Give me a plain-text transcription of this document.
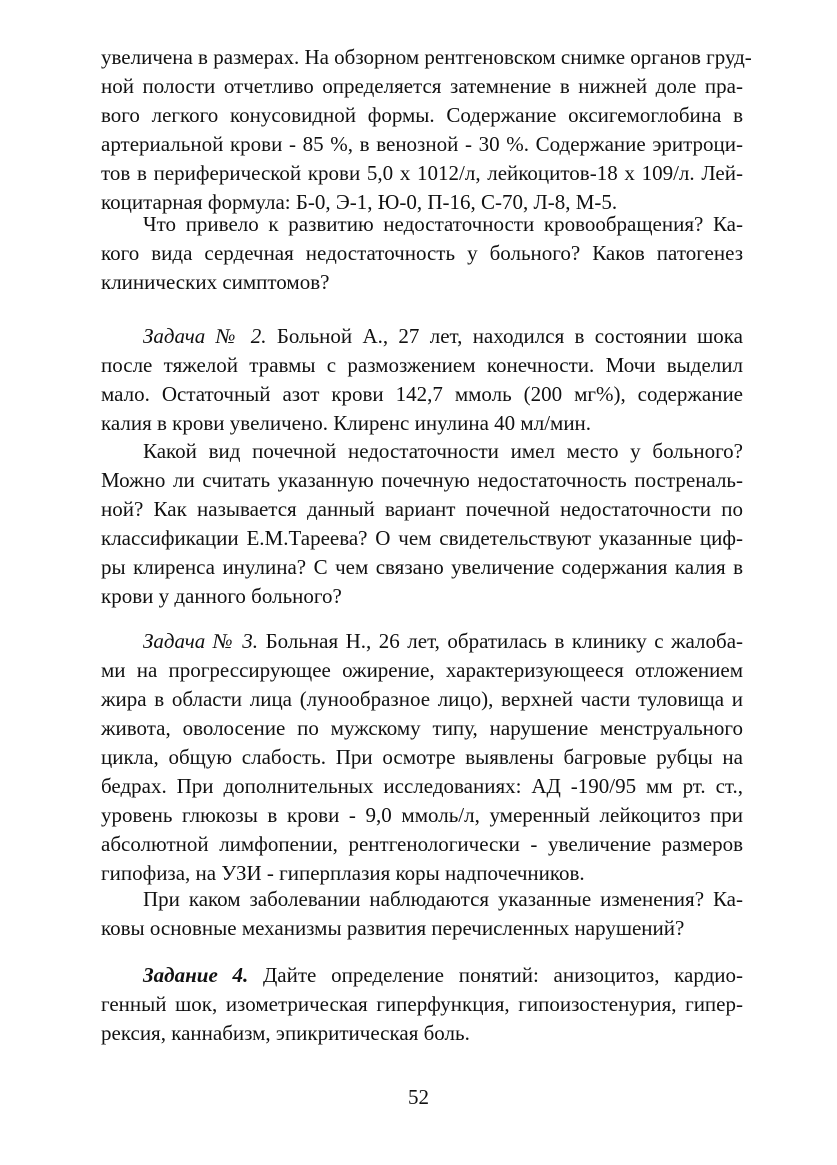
увеличена в размерах. На обзорном рентгеновском снимке органов груд-
ной полости отчетливо определяется затемнение в нижней доле пра-
вого легкого конусовидной формы. Содержание оксигемоглобина в
артериальной крови - 85 %, в венозной - 30 %. Содержание эритроци-
тов в периферической крови 5,0 х 1012/л, лейкоцитов-18 х 109/л. Лей-
коцитарная формула: Б-0, Э-1, Ю-0, П-16, С-70, Л-8, М-5.
Что привело к развитию недостаточности кровообращения? Ка-
кого вида сердечная недостаточность у больного? Каков патогенез
клинических симптомов?
Задача № 2. Больной А., 27 лет, находился в состоянии шока
после тяжелой травмы с размозжением конечности. Мочи выделил
мало. Остаточный азот крови 142,7 ммоль (200 мг%), содержание
калия в крови увеличено. Клиренс инулина 40 мл/мин.
Какой вид почечной недостаточности имел место у больного?
Можно ли считать указанную почечную недостаточность постреналь-
ной? Как называется данный вариант почечной недостаточности по
классификации Е.М.Тареева? О чем свидетельствуют указанные циф-
ры клиренса инулина? С чем связано увеличение содержания калия в
крови у данного больного?
Задача № 3. Больная Н., 26 лет, обратилась в клинику с жалоба-
ми на прогрессирующее ожирение, характеризующееся отложением
жира в области лица (лунообразное лицо), верхней части туловища и
живота, оволосение по мужскому типу, нарушение менструального
цикла, общую слабость. При осмотре выявлены багровые рубцы на
бедрах. При дополнительных исследованиях: АД -190/95 мм рт. ст.,
уровень глюкозы в крови - 9,0 ммоль/л, умеренный лейкоцитоз при
абсолютной лимфопении, рентгенологически - увеличение размеров
гипофиза, на УЗИ - гиперплазия коры надпочечников.
При каком заболевании наблюдаются указанные изменения? Ка-
ковы основные механизмы развития перечисленных нарушений?
Задание 4. Дайте определение понятий: анизоцитоз, кардио-
генный шок, изометрическая гиперфункция, гипоизостенурия, гипер-
рексия, каннабизм, эпикритическая боль.
52
